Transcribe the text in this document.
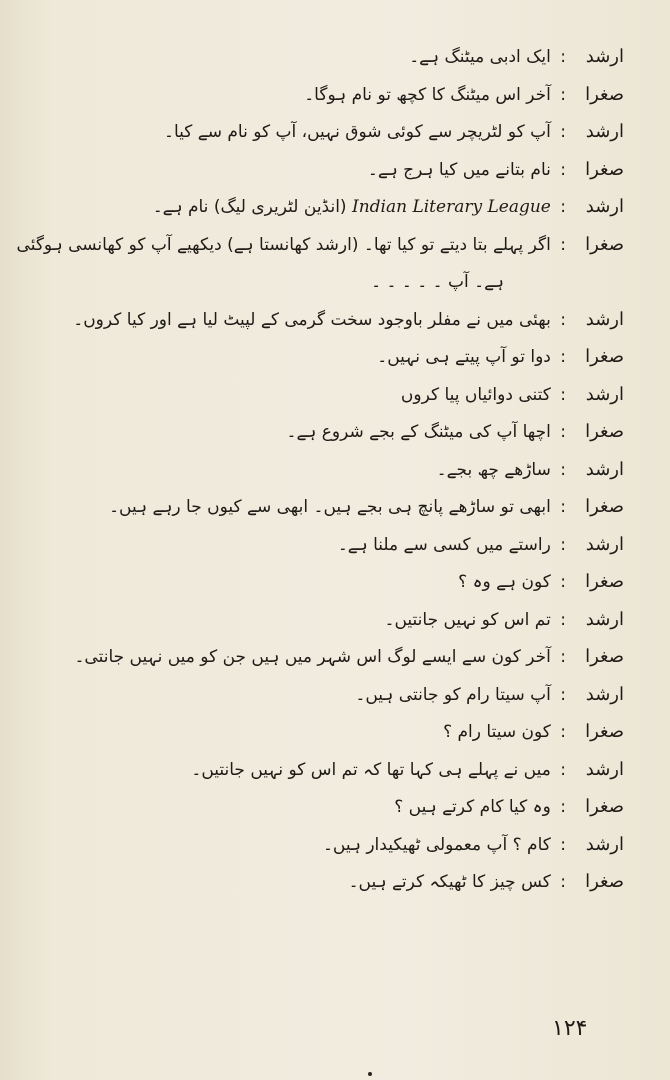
ارشد: ایک ادبی میٹنگ ہے۔
صغرا: آخر اس میٹنگ کا کچھ تو نام ہوگا۔
ارشد: آپ کو لٹریچر سے کوئی شوق نہیں، آپ کو نام سے کیا۔
صغرا: نام بتانے میں کیا ہرج ہے۔
ارشد: Indian Literary League (انڈین لٹریری لیگ) نام ہے۔
صغرا: اگر پہلے بتا دیتے تو کیا تھا۔ (ارشد کھانستا ہے) دیکھیے آپ کو کھانسی ہوگئی
ہے۔ آپ ۔ ۔ ۔ ۔ ۔
ارشد: بھئی میں نے مفلر باوجود سخت گرمی کے لپیٹ لیا ہے اور کیا کروں۔
صغرا: دوا تو آپ پیتے ہی نہیں۔
ارشد: کتنی دوائیاں پیا کروں
صغرا: اچھا آپ کی میٹنگ کے بجے شروع ہے۔
ارشد: ساڑھے چھ بجے۔
صغرا: ابھی تو ساڑھے پانچ ہی بجے ہیں۔ ابھی سے کیوں جا رہے ہیں۔
ارشد: راستے میں کسی سے ملنا ہے۔
صغرا: کون ہے وہ ؟
ارشد: تم اس کو نہیں جانتیں۔
صغرا: آخر کون سے ایسے لوگ اس شہر میں ہیں جن کو میں نہیں جانتی۔
ارشد: آپ سیتا رام کو جانتی ہیں۔
صغرا: کون سیتا رام ؟
ارشد: میں نے پہلے ہی کہا تھا کہ تم اس کو نہیں جانتیں۔
صغرا: وہ کیا کام کرتے ہیں ؟
ارشد: کام ؟ آپ معمولی ٹھیکیدار ہیں۔
صغرا: کس چیز کا ٹھیکہ کرتے ہیں۔
۱۲۴
